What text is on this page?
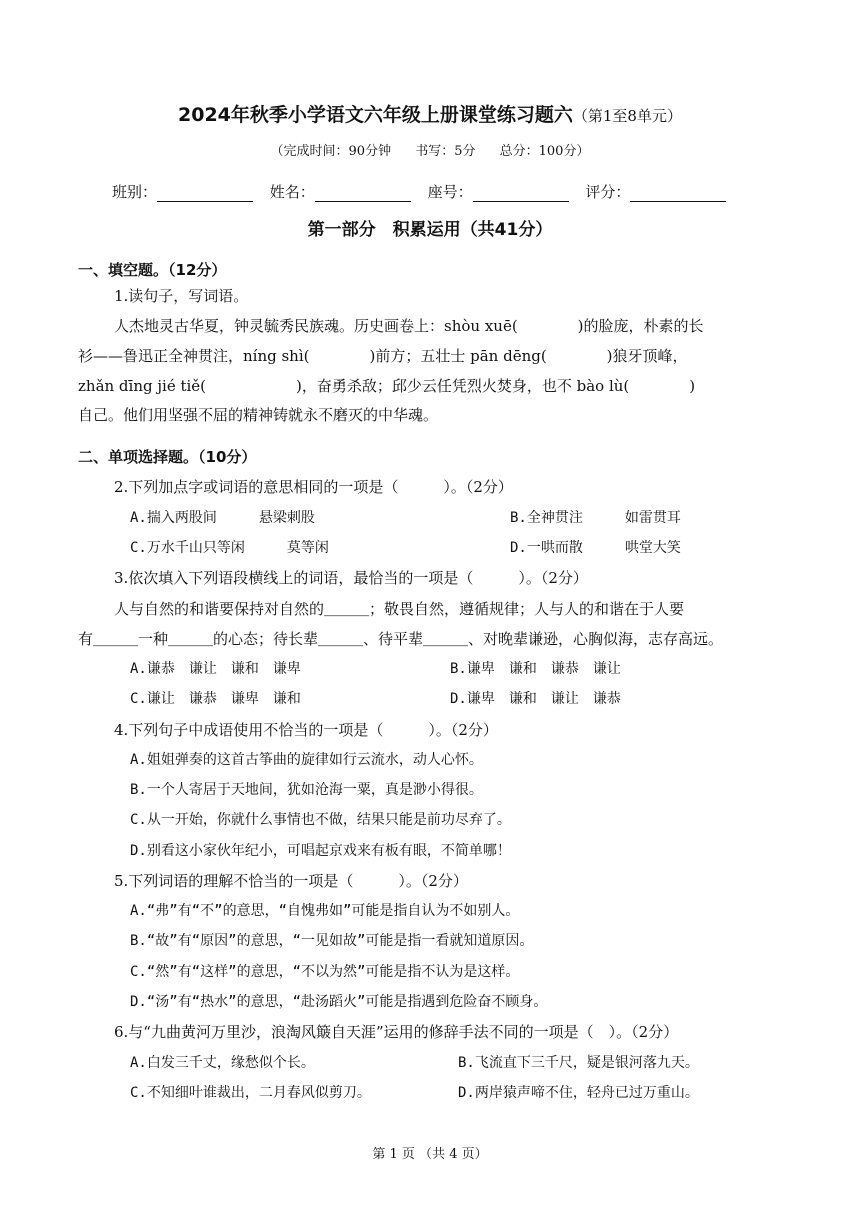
2024年秋季小学语文六年级上册课堂练习题六（第1至8单元）
（完成时间：90分钟 书写：5分 总分：100分）
班别：	姓名：	座号：	评分：
第一部分　积累运用（共41分）
一、填空题。（12分）
1.读句子，写词语。
人杰地灵古华夏，钟灵毓秀民族魂。历史画卷上：shòu xuē(　　　　)的脸庞，朴素的长
衫——鲁迅正全神贯注，níng shì(　　　　)前方；五壮士 pān dēng(　　　　)狼牙顶峰，
zhǎn dīng jié tiě(　　　　　　)，奋勇杀敌；邱少云任凭烈火焚身，也不 bào lù(　　　　)
自己。他们用坚强不屈的精神铸就永不磨灭的中华魂。
二、单项选择题。（10分）
2.下列加点字或词语的意思相同的一项是（　　　）。（2分）
A.揣入两股间　　　悬梁刺股	B.全神贯注　　　如雷贯耳
C.万水千山只等闲　　　莫等闲	D.一哄而散　　　哄堂大笑
3.依次填入下列语段横线上的词语，最恰当的一项是（　　　）。（2分）
人与自然的和谐要保持对自然的＿＿＿；敬畏自然，遵循规律；人与人的和谐在于人要
有＿＿＿一种＿＿＿的心态；待长辈＿＿＿、待平辈＿＿＿、对晚辈谦逊，心胸似海，志存高远。
A.谦恭　谦让　谦和　谦卑	B.谦卑　谦和　谦恭　谦让
C.谦让　谦恭　谦卑　谦和	D.谦卑　谦和　谦让　谦恭
4.下列句子中成语使用不恰当的一项是（　　　）。（2分）
A.姐姐弹奏的这首古筝曲的旋律如行云流水，动人心怀。
B.一个人寄居于天地间，犹如沧海一粟，真是渺小得很。
C.从一开始，你就什么事情也不做，结果只能是前功尽弃了。
D.别看这小家伙年纪小，可唱起京戏来有板有眼，不简单哪！
5.下列词语的理解不恰当的一项是（　　　）。（2分）
A.“弗”有“不”的意思，“自愧弗如”可能是指自认为不如别人。
B.“故”有“原因”的意思，“一见如故”可能是指一看就知道原因。
C.“然”有“这样”的意思，“不以为然”可能是指不认为是这样。
D.“汤”有“热水”的意思，“赴汤蹈火”可能是指遇到危险奋不顾身。
6.与“九曲黄河万里沙，浪淘风簸自天涯”运用的修辞手法不同的一项是（　）。（2分）
A.白发三千丈，缘愁似个长。	B.飞流直下三千尺，疑是银河落九天。
C.不知细叶谁裁出，二月春风似剪刀。	D.两岸猿声啼不住，轻舟已过万重山。
第 1 页 （共 4 页）
